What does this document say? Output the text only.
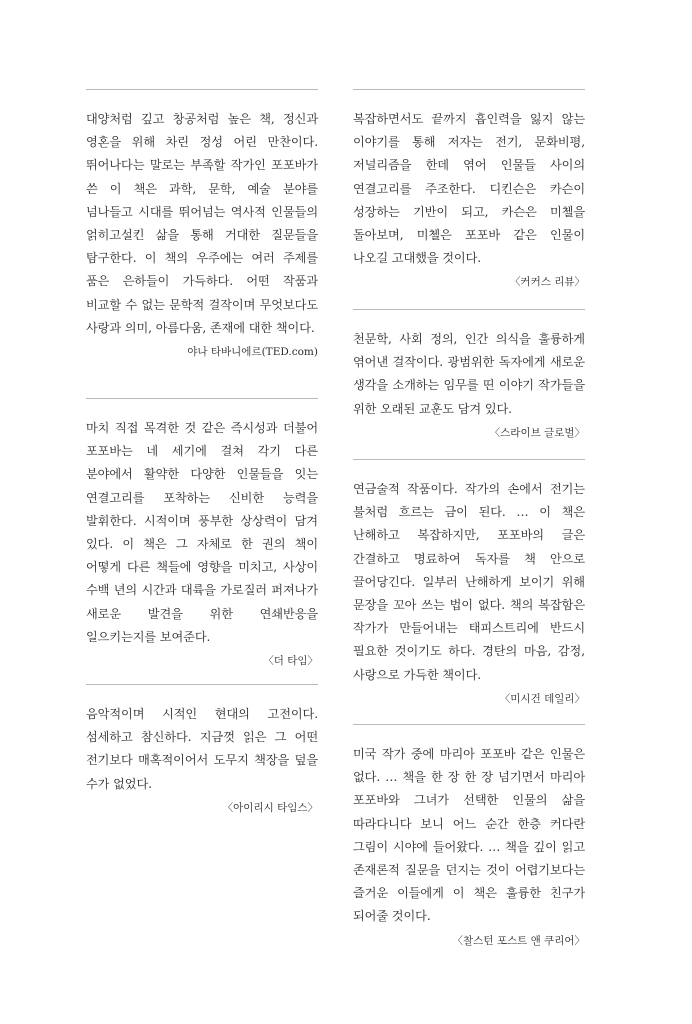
대양처럼 깊고 창공처럼 높은 책, 정신과 영혼을 위해 차린 정성 어린 만찬이다. 뛰어나다는 말로는 부족할 작가인 포포바가 쓴 이 책은 과학, 문학, 예술 분야를 넘나들고 시대를 뛰어넘는 역사적 인물들의 얽히고설킨 삶을 통해 거대한 질문들을 탐구한다. 이 책의 우주에는 여러 주제를 품은 은하들이 가득하다. 어떤 작품과 비교할 수 없는 문학적 걸작이며 무엇보다도 사랑과 의미, 아름다움, 존재에 대한 책이다.

야나 타바니에르(TED.com)

마치 직접 목격한 것 같은 즉시성과 더불어 포포바는 네 세기에 걸쳐 각기 다른 분야에서 활약한 다양한 인물들을 잇는 연결고리를 포착하는 신비한 능력을 발휘한다. 시적이며 풍부한 상상력이 담겨 있다. 이 책은 그 자체로 한 권의 책이 어떻게 다른 책들에 영향을 미치고, 사상이 수백 년의 시간과 대륙을 가로질러 퍼져나가 새로운 발견을 위한 연쇄반응을 일으키는지를 보여준다.

〈더 타임〉

음악적이며 시적인 현대의 고전이다. 섬세하고 참신하다. 지금껏 읽은 그 어떤 전기보다 매혹적이어서 도무지 책장을 덮을 수가 없었다.

〈아이리시 타임스〉

복잡하면서도 끝까지 흡인력을 잃지 않는 이야기를 통해 저자는 전기, 문화비평, 저널리즘을 한데 엮어 인물들 사이의 연결고리를 주조한다. 디킨슨은 카슨이 성장하는 기반이 되고, 카슨은 미첼을 돌아보며, 미첼은 포포바 같은 인물이 나오길 고대했을 것이다.

〈커커스 리뷰〉

천문학, 사회 정의, 인간 의식을 훌륭하게 엮어낸 걸작이다. 광범위한 독자에게 새로운 생각을 소개하는 임무를 띤 이야기 작가들을 위한 오래된 교훈도 담겨 있다.

〈스라이브 글로벌〉

연금술적 작품이다. 작가의 손에서 전기는 불처럼 흐르는 금이 된다. … 이 책은 난해하고 복잡하지만, 포포바의 글은 간결하고 명료하여 독자를 책 안으로 끌어당긴다. 일부러 난해하게 보이기 위해 문장을 꼬아 쓰는 법이 없다. 책의 복잡함은 작가가 만들어내는 태피스트리에 반드시 필요한 것이기도 하다. 경탄의 마음, 감정, 사랑으로 가득한 책이다.

〈미시건 데일리〉

미국 작가 중에 마리아 포포바 같은 인물은 없다. … 책을 한 장 한 장 넘기면서 마리아 포포바와 그녀가 선택한 인물의 삶을 따라다니다 보니 어느 순간 한층 커다란 그림이 시야에 들어왔다. … 책을 깊이 읽고 존재론적 질문을 던지는 것이 어렵기보다는 즐거운 이들에게 이 책은 훌륭한 친구가 되어줄 것이다.

〈찰스턴 포스트 앤 쿠리어〉
